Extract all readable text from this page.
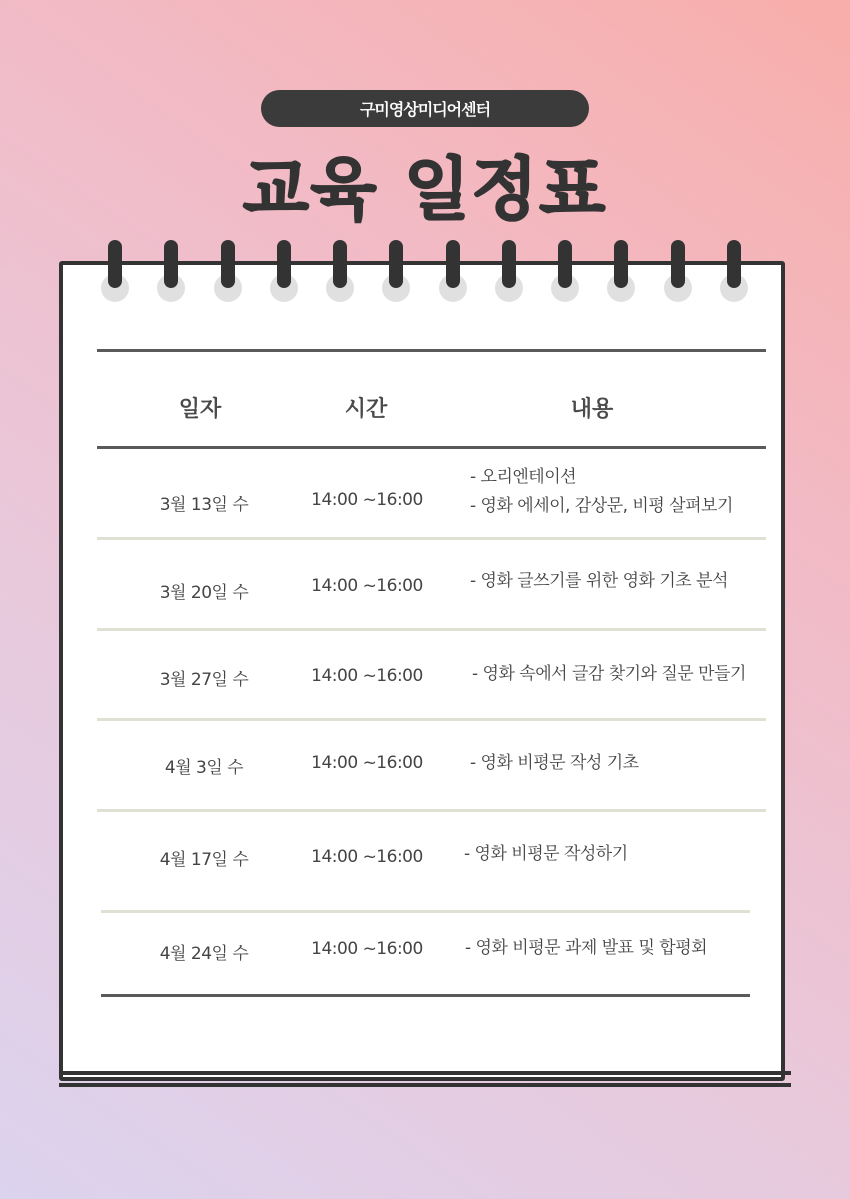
구미영상미디어센터
교육 일정표
일자	시간	내용
3월 13일 수	14:00 ~16:00
- 오리엔테이션
- 영화 에세이, 감상문, 비평 살펴보기
3월 20일 수	14:00 ~16:00	- 영화 글쓰기를 위한 영화 기초 분석
3월 27일 수	14:00 ~16:00	- 영화 속에서 글감 찾기와 질문 만들기
4월 3일 수	14:00 ~16:00	- 영화 비평문 작성 기초
4월 17일 수	14:00 ~16:00	- 영화 비평문 작성하기
4월 24일 수	14:00 ~16:00	- 영화 비평문 과제 발표 및 합평회
